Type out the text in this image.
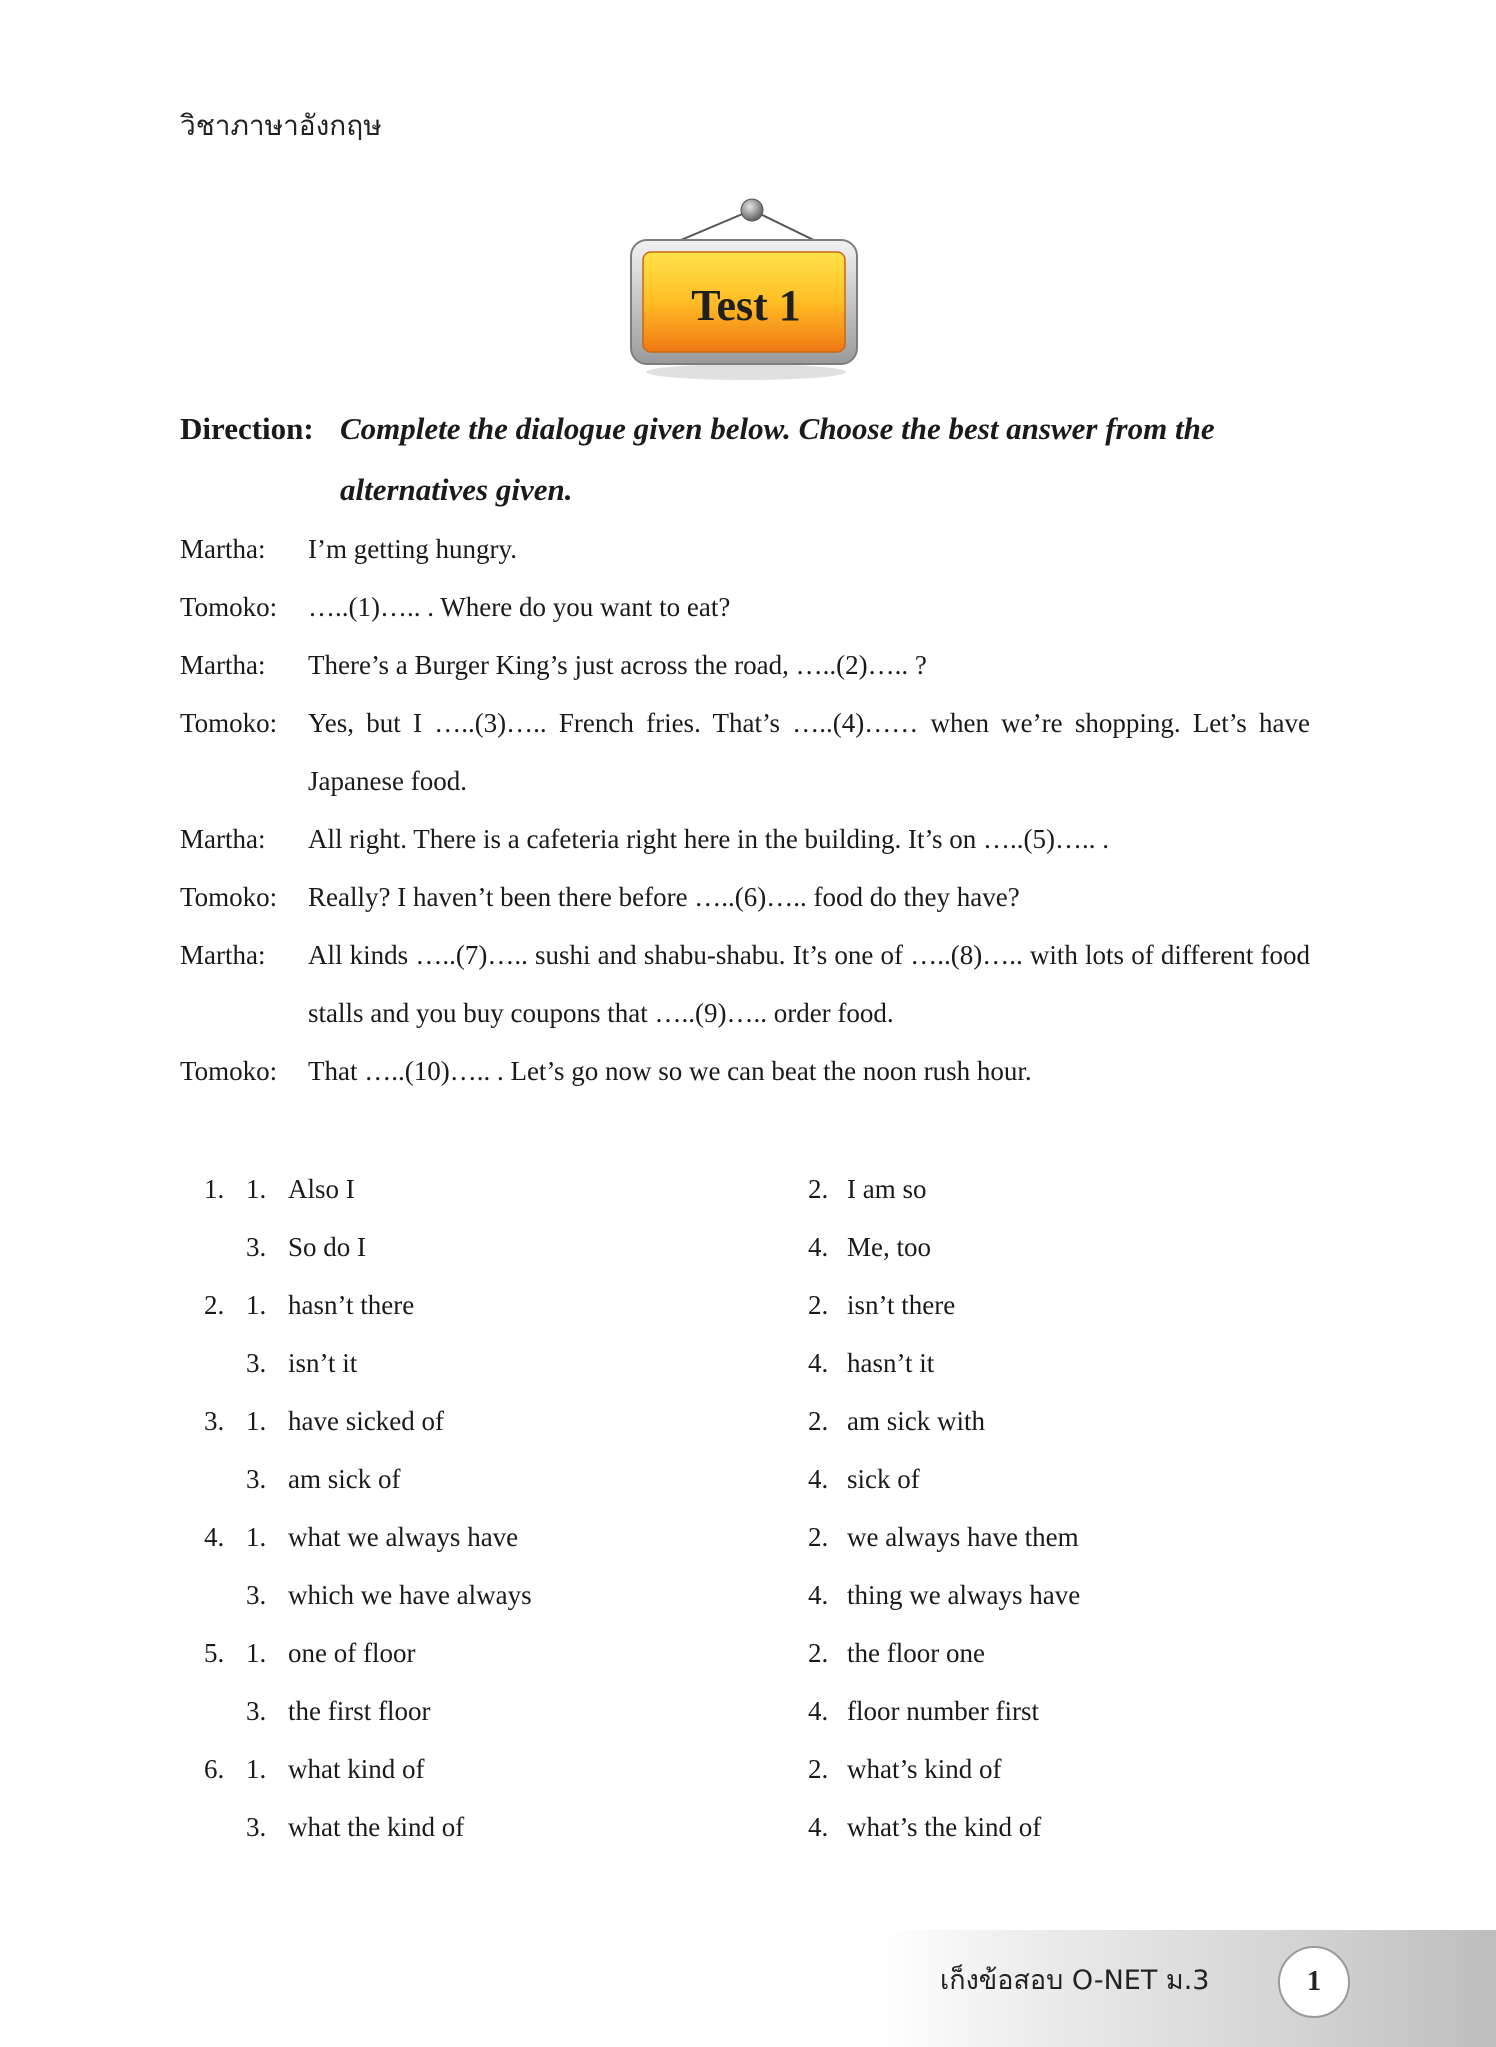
วิชาภาษาอังกฤษ
Test 1
Direction: Complete the dialogue given below. Choose the best answer from the alternatives given.
Martha: I’m getting hungry.
Tomoko: …..(1)….. . Where do you want to eat?
Martha: There’s a Burger King’s just across the road, …..(2)….. ?
Tomoko: Yes, but I …..(3)….. French fries. That’s …..(4)…… when we’re shopping. Let’s have Japanese food.
Martha: All right. There is a cafeteria right here in the building. It’s on …..(5)….. .
Tomoko: Really? I haven’t been there before …..(6)….. food do they have?
Martha: All kinds …..(7)….. sushi and shabu-shabu. It’s one of …..(8)….. with lots of different food stalls and you buy coupons that …..(9)….. order food.
Tomoko: That …..(10)….. . Let’s go now so we can beat the noon rush hour.
1. 1. Also I	2. I am so
3. So do I	4. Me, too
2. 1. hasn’t there	2. isn’t there
3. isn’t it	4. hasn’t it
3. 1. have sicked of	2. am sick with
3. am sick of	4. sick of
4. 1. what we always have	2. we always have them
3. which we have always	4. thing we always have
5. 1. one of floor	2. the floor one
3. the first floor	4. floor number first
6. 1. what kind of	2. what’s kind of
3. what the kind of	4. what’s the kind of
เก็งข้อสอบ O-NET ม.3	1
